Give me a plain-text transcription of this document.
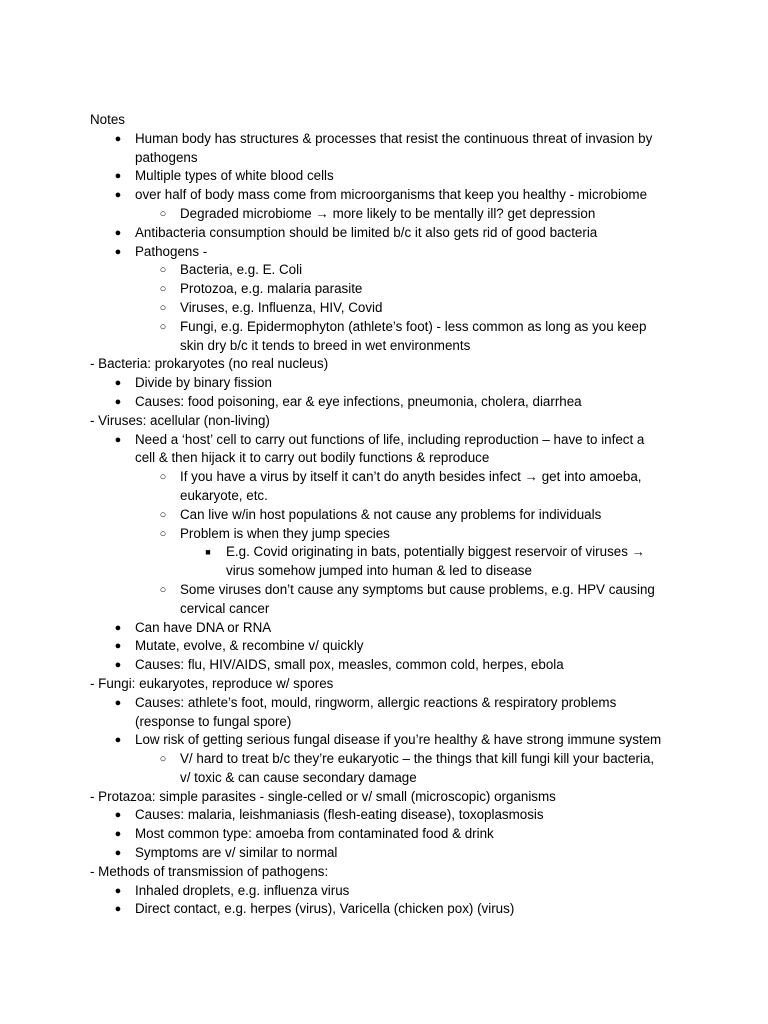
Notes
● Human body has structures & processes that resist the continuous threat of invasion by
pathogens
● Multiple types of white blood cells
● over half of body mass come from microorganisms that keep you healthy - microbiome
○ Degraded microbiome → more likely to be mentally ill? get depression
● Antibacteria consumption should be limited b/c it also gets rid of good bacteria
● Pathogens -
○ Bacteria, e.g. E. Coli
○ Protozoa, e.g. malaria parasite
○ Viruses, e.g. Influenza, HIV, Covid
○ Fungi, e.g. Epidermophyton (athlete’s foot) - less common as long as you keep
skin dry b/c it tends to breed in wet environments
- Bacteria: prokaryotes (no real nucleus)
● Divide by binary fission
● Causes: food poisoning, ear & eye infections, pneumonia, cholera, diarrhea
- Viruses: acellular (non-living)
● Need a ‘host’ cell to carry out functions of life, including reproduction – have to infect a
cell & then hijack it to carry out bodily functions & reproduce
○ If you have a virus by itself it can’t do anyth besides infect → get into amoeba,
eukaryote, etc.
○ Can live w/in host populations & not cause any problems for individuals
○ Problem is when they jump species
■ E.g. Covid originating in bats, potentially biggest reservoir of viruses →
virus somehow jumped into human & led to disease
○ Some viruses don’t cause any symptoms but cause problems, e.g. HPV causing
cervical cancer
● Can have DNA or RNA
● Mutate, evolve, & recombine v/ quickly
● Causes: flu, HIV/AIDS, small pox, measles, common cold, herpes, ebola
- Fungi: eukaryotes, reproduce w/ spores
● Causes: athlete’s foot, mould, ringworm, allergic reactions & respiratory problems
(response to fungal spore)
● Low risk of getting serious fungal disease if you’re healthy & have strong immune system
○ V/ hard to treat b/c they’re eukaryotic – the things that kill fungi kill your bacteria,
v/ toxic & can cause secondary damage
- Protazoa: simple parasites - single-celled or v/ small (microscopic) organisms
● Causes: malaria, leishmaniasis (flesh-eating disease), toxoplasmosis
● Most common type: amoeba from contaminated food & drink
● Symptoms are v/ similar to normal
- Methods of transmission of pathogens:
● Inhaled droplets, e.g. influenza virus
● Direct contact, e.g. herpes (virus), Varicella (chicken pox) (virus)
